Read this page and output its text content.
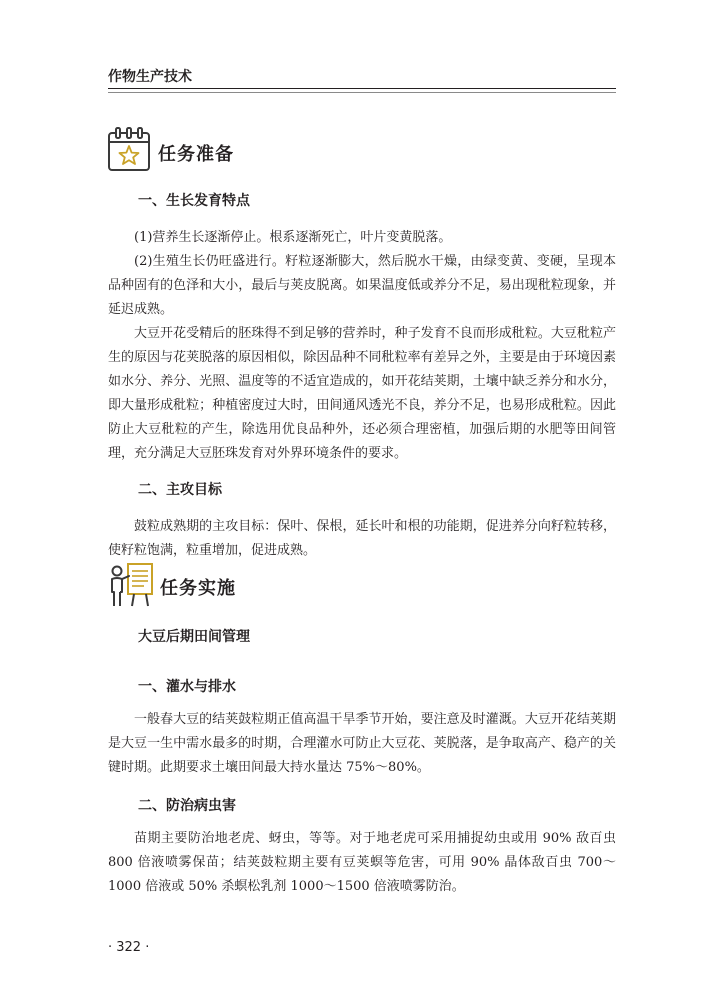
作物生产技术
任务准备
一、生长发育特点

(1)营养生长逐渐停止。根系逐渐死亡，叶片变黄脱落。

(2)生殖生长仍旺盛进行。籽粒逐渐膨大，然后脱水干燥，由绿变黄、变硬，呈现本品种固有的色泽和大小，最后与荚皮脱离。如果温度低或养分不足，易出现秕粒现象，并延迟成熟。

大豆开花受精后的胚珠得不到足够的营养时，种子发育不良而形成秕粒。大豆秕粒产生的原因与花荚脱落的原因相似，除因品种不同秕粒率有差异之外，主要是由于环境因素如水分、养分、光照、温度等的不适宜造成的，如开花结荚期，土壤中缺乏养分和水分，即大量形成秕粒；种植密度过大时，田间通风透光不良，养分不足，也易形成秕粒。因此防止大豆秕粒的产生，除选用优良品种外，还必须合理密植，加强后期的水肥等田间管理，充分满足大豆胚珠发育对外界环境条件的要求。

二、主攻目标

鼓粒成熟期的主攻目标：保叶、保根，延长叶和根的功能期，促进养分向籽粒转移，使籽粒饱满，粒重增加，促进成熟。

任务实施
大豆后期田间管理
一、灌水与排水

一般春大豆的结荚鼓粒期正值高温干旱季节开始，要注意及时灌溉。大豆开花结荚期是大豆一生中需水最多的时期，合理灌水可防止大豆花、荚脱落，是争取高产、稳产的关键时期。此期要求土壤田间最大持水量达 75%～80%。

二、防治病虫害

苗期主要防治地老虎、蚜虫，等等。对于地老虎可采用捕捉幼虫或用 90% 敌百虫 800 倍液喷雾保苗；结荚鼓粒期主要有豆荚螟等危害，可用 90% 晶体敌百虫 700～1000 倍液或 50% 杀螟松乳剂 1000～1500 倍液喷雾防治。

· 322 ·
